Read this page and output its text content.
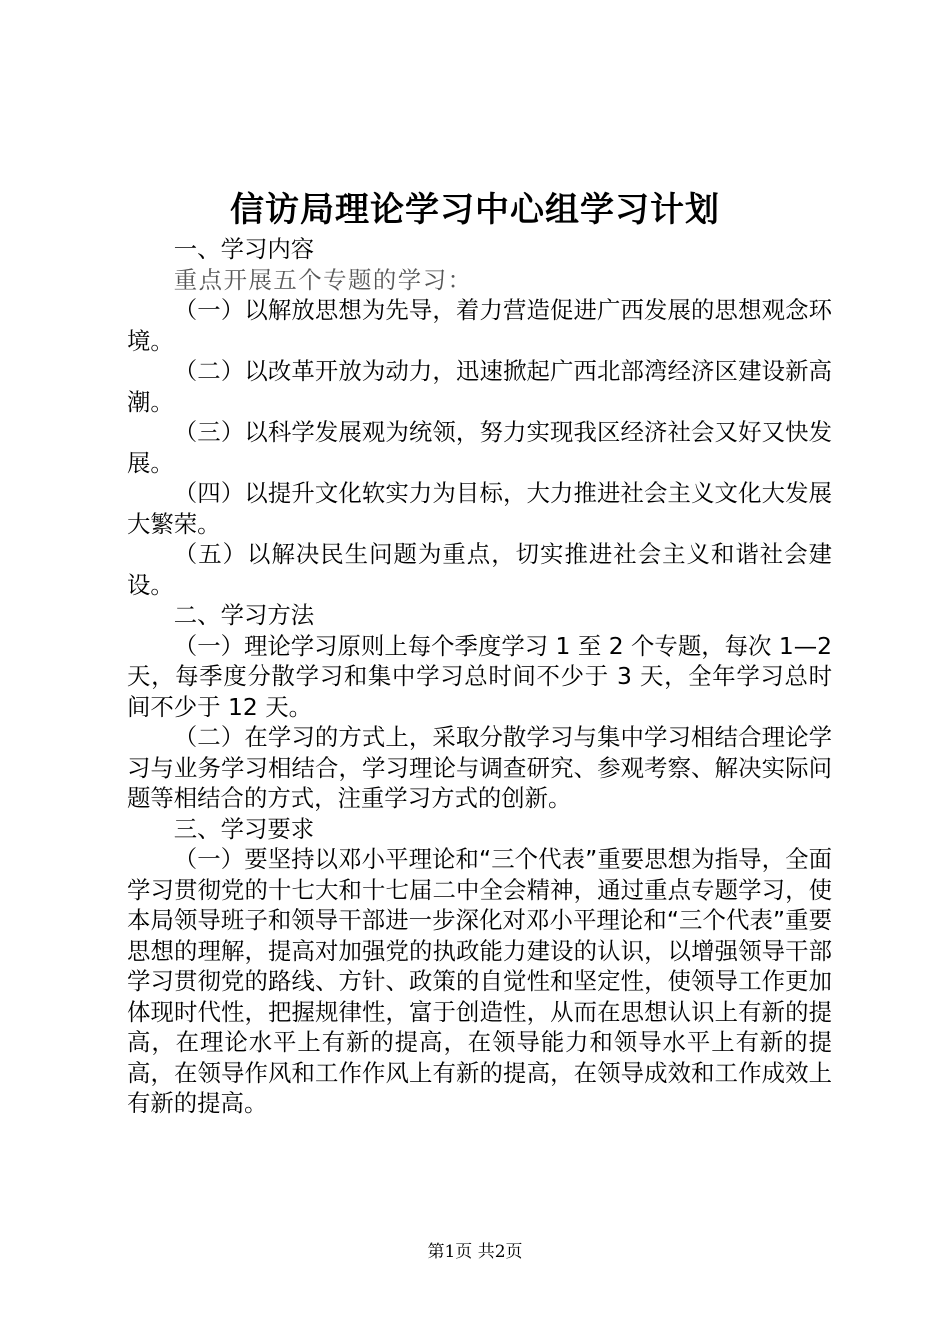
信访局理论学习中心组学习计划

一、学习内容

重点开展五个专题的学习：

（一）以解放思想为先导，着力营造促进广西发展的思想观念环境。

（二）以改革开放为动力，迅速掀起广西北部湾经济区建设新高潮。

（三）以科学发展观为统领，努力实现我区经济社会又好又快发展。

（四）以提升文化软实力为目标，大力推进社会主义文化大发展大繁荣。

（五）以解决民生问题为重点，切实推进社会主义和谐社会建设。

二、学习方法

（一）理论学习原则上每个季度学习 1 至 2 个专题，每次 1—2 天，每季度分散学习和集中学习总时间不少于 3 天，全年学习总时间不少于 12 天。

（二）在学习的方式上，采取分散学习与集中学习相结合理论学习与业务学习相结合，学习理论与调查研究、参观考察、解决实际问题等相结合的方式，注重学习方式的创新。

三、学习要求

（一）要坚持以邓小平理论和“三个代表”重要思想为指导，全面学习贯彻党的十七大和十七届二中全会精神，通过重点专题学习，使本局领导班子和领导干部进一步深化对邓小平理论和“三个代表”重要思想的理解，提高对加强党的执政能力建设的认识，以增强领导干部学习贯彻党的路线、方针、政策的自觉性和坚定性，使领导工作更加体现时代性，把握规律性，富于创造性，从而在思想认识上有新的提高，在理论水平上有新的提高，在领导能力和领导水平上有新的提高，在领导作风和工作作风上有新的提高，在领导成效和工作成效上有新的提高。

第1页 共2页
